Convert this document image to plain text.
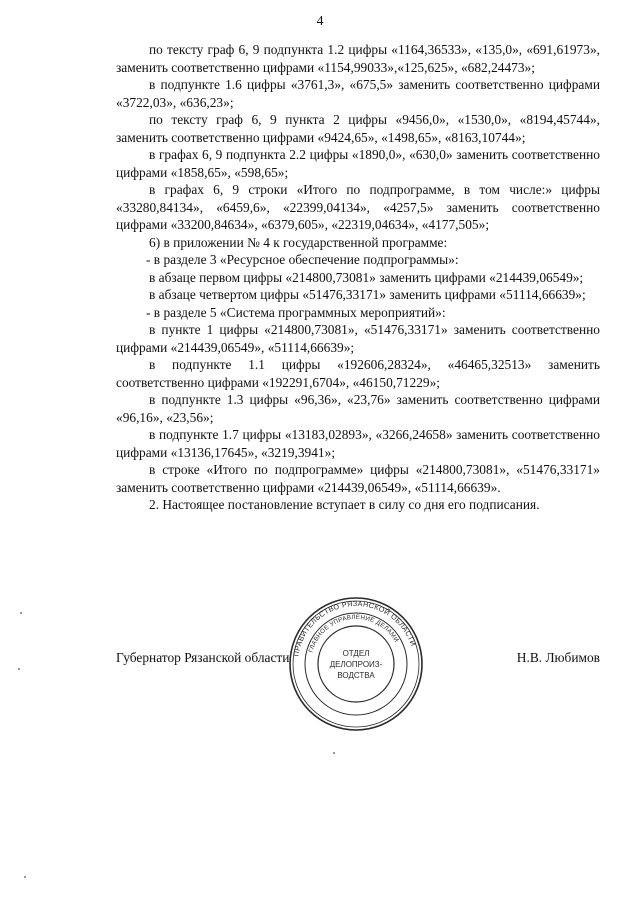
4

по тексту граф 6, 9 подпункта 1.2 цифры «1164,36533», «135,0», «691,61973», заменить соответственно цифрами «1154,99033»,«125,625», «682,24473»;

в подпункте 1.6 цифры «3761,3», «675,5» заменить соответственно цифрами «3722,03», «636,23»;

по тексту граф 6, 9 пункта 2 цифры «9456,0», «1530,0», «8194,45744», заменить соответственно цифрами «9424,65», «1498,65», «8163,10744»;

в графах 6, 9 подпункта 2.2 цифры «1890,0», «630,0» заменить соответственно цифрами «1858,65», «598,65»;

в графах 6, 9 строки «Итого по подпрограмме, в том числе:» цифры «33280,84134», «6459,6», «22399,04134», «4257,5» заменить соответственно цифрами «33200,84634», «6379,605», «22319,04634», «4177,505»;

6) в приложении № 4 к государственной программе:

- в разделе 3 «Ресурсное обеспечение подпрограммы»:

в абзаце первом цифры «214800,73081» заменить цифрами «214439,06549»;

в абзаце четвертом цифры «51476,33171» заменить цифрами «51114,66639»;

- в разделе 5 «Система программных мероприятий»:

в пункте 1 цифры «214800,73081», «51476,33171» заменить соответственно цифрами «214439,06549», «51114,66639»;

в подпункте 1.1 цифры «192606,28324», «46465,32513» заменить соответственно цифрами «192291,6704», «46150,71229»;

в подпункте 1.3 цифры «96,36», «23,76» заменить соответственно цифрами «96,16», «23,56»;

в подпункте 1.7 цифры «13183,02893», «3266,24658» заменить соответственно цифрами «13136,17645», «3219,3941»;

в строке «Итого по подпрограмме» цифры «214800,73081», «51476,33171» заменить соответственно цифрами «214439,06549», «51114,66639».

2. Настоящее постановление вступает в силу со дня его подписания.

Губернатор Рязанской области	Н.В. Любимов
ПРАВИТЕЛЬСТВО РЯЗАНСКОЙ ОБЛАСТИ
ГЛАВНОЕ УПРАВЛЕНИЕ ДЕЛАМИ
ОТДЕЛ
ДЕЛОПРОИЗ-
ВОДСТВА
